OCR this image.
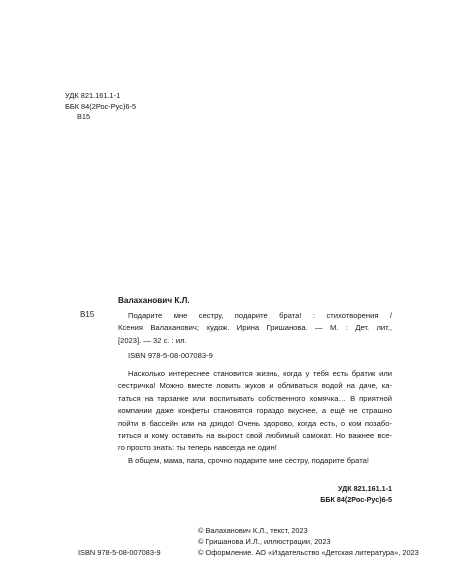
УДК 821.161.1-1
ББК 84(2Рос-Рус)6-5
В15
Валаханович К.Л.
В15	Подарите мне сестру, подарите брата! : стихотворения /
Ксения Валаханович; худож. Ирина Гришанова. — М. : Дет. лит.,
[2023]. — 32 с. : ил.
ISBN 978-5-08-007083-9
Насколько интереснее становится жизнь, когда у тебя есть братик или
сестричка! Можно вместе ловить жуков и обливаться водой на даче, ка-
таться на тарзанке или воспитывать собственного хомячка… В приятной
компании даже конфеты становятся гораздо вкуснее, а ещё не страшно
пойти в бассейн или на дзюдо! Очень здорово, когда есть, о ком позабо-
титься и кому оставить на вырост свой любимый самокат. Но важнее все-
го просто знать: ты теперь навсегда не один!
В общем, мама, папа, срочно подарите мне сестру, подарите брата!
УДК 821.161.1-1
ББК 84(2Рос-Рус)6-5
© Валаханович К.Л., текст, 2023
© Гришанова И.Л., иллюстрации, 2023
© Оформление. АО «Издательство «Детская литература», 2023
ISBN 978-5-08-007083-9
